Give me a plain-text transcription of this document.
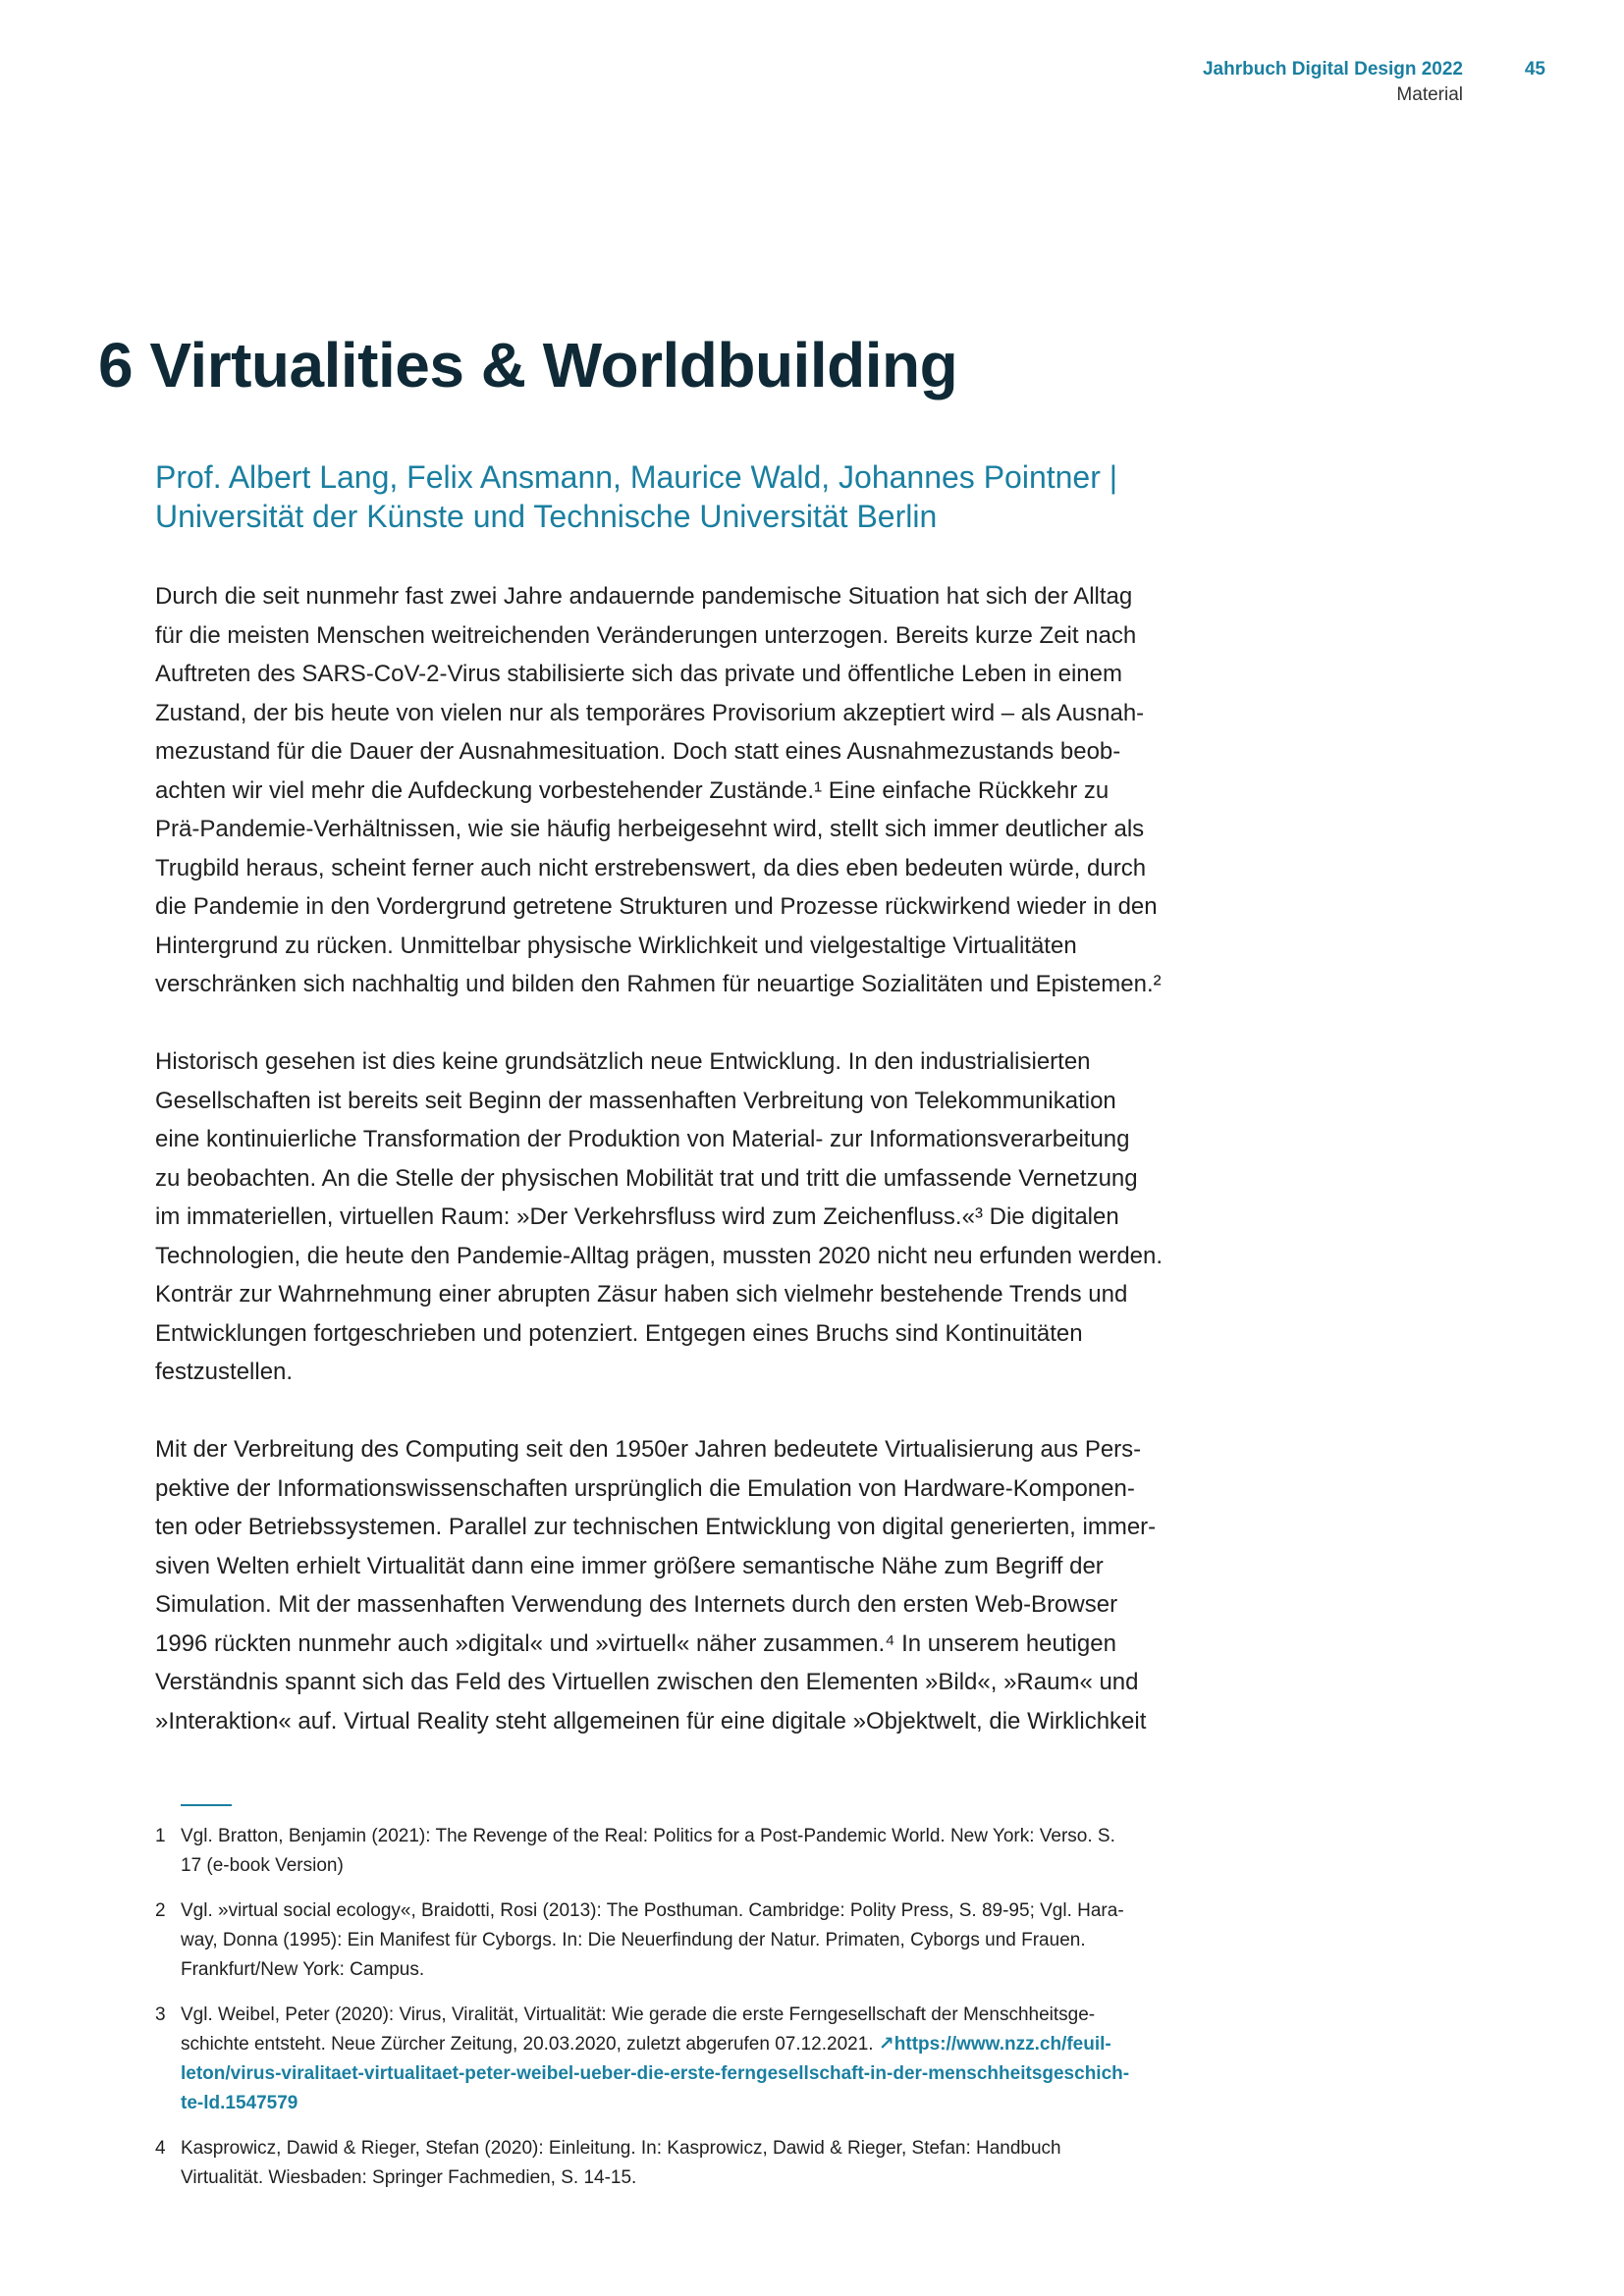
Jahrbuch Digital Design 2022
Material
45
6 Virtualities & Worldbuilding
Prof. Albert Lang, Felix Ansmann, Maurice Wald, Johannes Pointner |
Universität der Künste und Technische Universität Berlin
Durch die seit nunmehr fast zwei Jahre andauernde pandemische Situation hat sich der Alltag
für die meisten Menschen weitreichenden Veränderungen unterzogen. Bereits kurze Zeit nach
Auftreten des SARS-CoV-2-Virus stabilisierte sich das private und öffentliche Leben in einem
Zustand, der bis heute von vielen nur als temporäres Provisorium akzeptiert wird – als Ausnah-
mezustand für die Dauer der Ausnahmesituation. Doch statt eines Ausnahmezustands beob-
achten wir viel mehr die Aufdeckung vorbestehender Zustände.¹ Eine einfache Rückkehr zu
Prä-Pandemie-Verhältnissen, wie sie häufig herbeigesehnt wird, stellt sich immer deutlicher als
Trugbild heraus, scheint ferner auch nicht erstrebenswert, da dies eben bedeuten würde, durch
die Pandemie in den Vordergrund getretene Strukturen und Prozesse rückwirkend wieder in den
Hintergrund zu rücken. Unmittelbar physische Wirklichkeit und vielgestaltige Virtualitäten
verschränken sich nachhaltig und bilden den Rahmen für neuartige Sozialitäten und Epistemen.²
Historisch gesehen ist dies keine grundsätzlich neue Entwicklung. In den industrialisierten
Gesellschaften ist bereits seit Beginn der massenhaften Verbreitung von Telekommunikation
eine kontinuierliche Transformation der Produktion von Material- zur Informationsverarbeitung
zu beobachten. An die Stelle der physischen Mobilität trat und tritt die umfassende Vernetzung
im immateriellen, virtuellen Raum: »Der Verkehrsfluss wird zum Zeichenfluss.«³ Die digitalen
Technologien, die heute den Pandemie-Alltag prägen, mussten 2020 nicht neu erfunden werden.
Konträr zur Wahrnehmung einer abrupten Zäsur haben sich vielmehr bestehende Trends und
Entwicklungen fortgeschrieben und potenziert. Entgegen eines Bruchs sind Kontinuitäten
festzustellen.
Mit der Verbreitung des Computing seit den 1950er Jahren bedeutete Virtualisierung aus Pers-
pektive der Informationswissenschaften ursprünglich die Emulation von Hardware-Komponen-
ten oder Betriebssystemen. Parallel zur technischen Entwicklung von digital generierten, immer-
siven Welten erhielt Virtualität dann eine immer größere semantische Nähe zum Begriff der
Simulation. Mit der massenhaften Verwendung des Internets durch den ersten Web-Browser
1996 rückten nunmehr auch »digital« und »virtuell« näher zusammen.⁴ In unserem heutigen
Verständnis spannt sich das Feld des Virtuellen zwischen den Elementen »Bild«, »Raum« und
»Interaktion« auf. Virtual Reality steht allgemeinen für eine digitale »Objektwelt, die Wirklichkeit
1 Vgl. Bratton, Benjamin (2021): The Revenge of the Real: Politics for a Post-Pandemic World. New York: Verso. S.
17 (e-book Version)
2 Vgl. »virtual social ecology«, Braidotti, Rosi (2013): The Posthuman. Cambridge: Polity Press, S. 89-95; Vgl. Hara-
way, Donna (1995): Ein Manifest für Cyborgs. In: Die Neuerfindung der Natur. Primaten, Cyborgs und Frauen.
Frankfurt/New York: Campus.
3 Vgl. Weibel, Peter (2020): Virus, Viralität, Virtualität: Wie gerade die erste Ferngesellschaft der Menschheitsge-
schichte entsteht. Neue Zürcher Zeitung, 20.03.2020, zuletzt abgerufen 07.12.2021. ↗https://www.nzz.ch/feuil-
leton/virus-viralitaet-virtualitaet-peter-weibel-ueber-die-erste-ferngesellschaft-in-der-menschheitsgeschich-
te-ld.1547579
4 Kasprowicz, Dawid & Rieger, Stefan (2020): Einleitung. In: Kasprowicz, Dawid & Rieger, Stefan: Handbuch
Virtualität. Wiesbaden: Springer Fachmedien, S. 14-15.
